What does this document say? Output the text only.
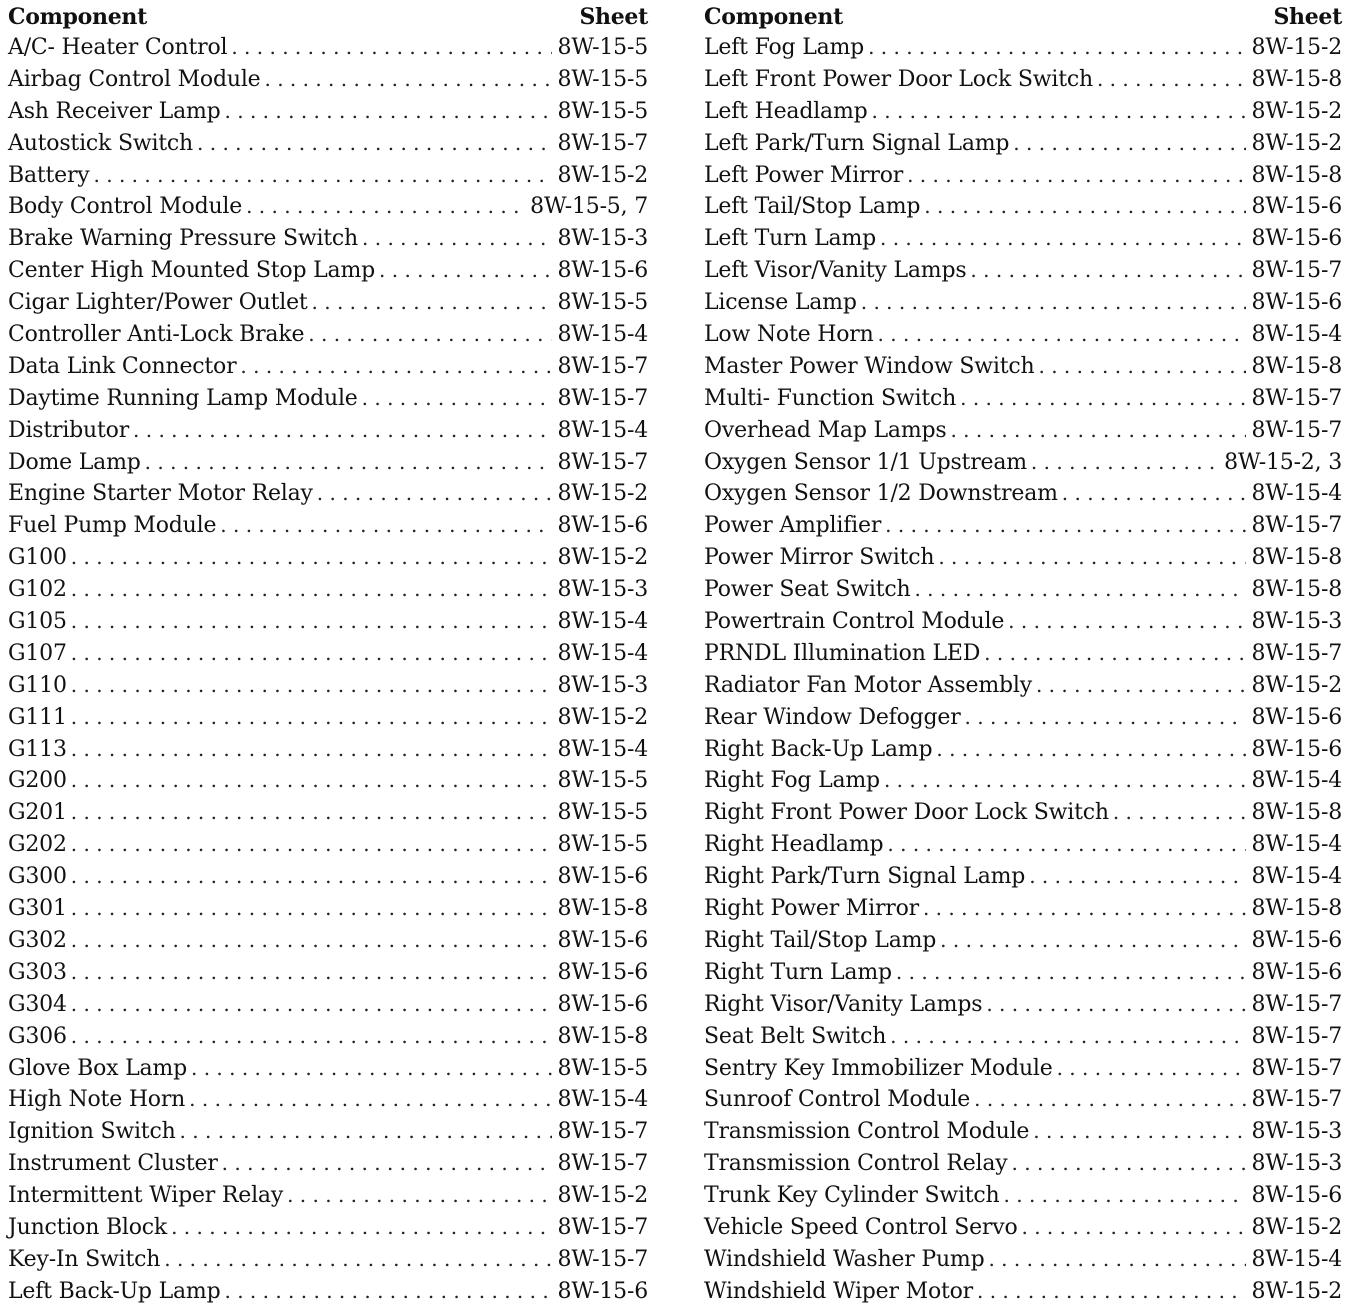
Component	Sheet
A/C- Heater Control . . .	8W-15-5
Airbag Control Module . . .	8W-15-5
Ash Receiver Lamp . . .	8W-15-5
Autostick Switch . . .	8W-15-7
Battery . . .	8W-15-2
Body Control Module . . .	8W-15-5, 7
Brake Warning Pressure Switch . . .	8W-15-3
Center High Mounted Stop Lamp . . .	8W-15-6
Cigar Lighter/Power Outlet . . .	8W-15-5
Controller Anti-Lock Brake . . .	8W-15-4
Data Link Connector . . .	8W-15-7
Daytime Running Lamp Module . . .	8W-15-7
Distributor . . .	8W-15-4
Dome Lamp . . .	8W-15-7
Engine Starter Motor Relay . . .	8W-15-2
Fuel Pump Module . . .	8W-15-6
G100 . . .	8W-15-2
G102 . . .	8W-15-3
G105 . . .	8W-15-4
G107 . . .	8W-15-4
G110 . . .	8W-15-3
G111 . . .	8W-15-2
G113 . . .	8W-15-4
G200 . . .	8W-15-5
G201 . . .	8W-15-5
G202 . . .	8W-15-5
G300 . . .	8W-15-6
G301 . . .	8W-15-8
G302 . . .	8W-15-6
G303 . . .	8W-15-6
G304 . . .	8W-15-6
G306 . . .	8W-15-8
Glove Box Lamp . . .	8W-15-5
High Note Horn . . .	8W-15-4
Ignition Switch . . .	8W-15-7
Instrument Cluster . . .	8W-15-7
Intermittent Wiper Relay . . .	8W-15-2
Junction Block . . .	8W-15-7
Key-In Switch . . .	8W-15-7
Left Back-Up Lamp . . .	8W-15-6
Component	Sheet
Left Fog Lamp . . .	8W-15-2
Left Front Power Door Lock Switch . . .	8W-15-8
Left Headlamp . . .	8W-15-2
Left Park/Turn Signal Lamp . . .	8W-15-2
Left Power Mirror . . .	8W-15-8
Left Tail/Stop Lamp . . .	8W-15-6
Left Turn Lamp . . .	8W-15-6
Left Visor/Vanity Lamps . . .	8W-15-7
License Lamp . . .	8W-15-6
Low Note Horn . . .	8W-15-4
Master Power Window Switch . . .	8W-15-8
Multi- Function Switch . . .	8W-15-7
Overhead Map Lamps . . .	8W-15-7
Oxygen Sensor 1/1 Upstream . . .	8W-15-2, 3
Oxygen Sensor 1/2 Downstream . . .	8W-15-4
Power Amplifier . . .	8W-15-7
Power Mirror Switch . . .	8W-15-8
Power Seat Switch . . .	8W-15-8
Powertrain Control Module . . .	8W-15-3
PRNDL Illumination LED . . .	8W-15-7
Radiator Fan Motor Assembly . . .	8W-15-2
Rear Window Defogger . . .	8W-15-6
Right Back-Up Lamp . . .	8W-15-6
Right Fog Lamp . . .	8W-15-4
Right Front Power Door Lock Switch . . .	8W-15-8
Right Headlamp . . .	8W-15-4
Right Park/Turn Signal Lamp . . .	8W-15-4
Right Power Mirror . . .	8W-15-8
Right Tail/Stop Lamp . . .	8W-15-6
Right Turn Lamp . . .	8W-15-6
Right Visor/Vanity Lamps . . .	8W-15-7
Seat Belt Switch . . .	8W-15-7
Sentry Key Immobilizer Module . . .	8W-15-7
Sunroof Control Module . . .	8W-15-7
Transmission Control Module . . .	8W-15-3
Transmission Control Relay . . .	8W-15-3
Trunk Key Cylinder Switch . . .	8W-15-6
Vehicle Speed Control Servo . . .	8W-15-2
Windshield Washer Pump . . .	8W-15-4
Windshield Wiper Motor . . .	8W-15-2
